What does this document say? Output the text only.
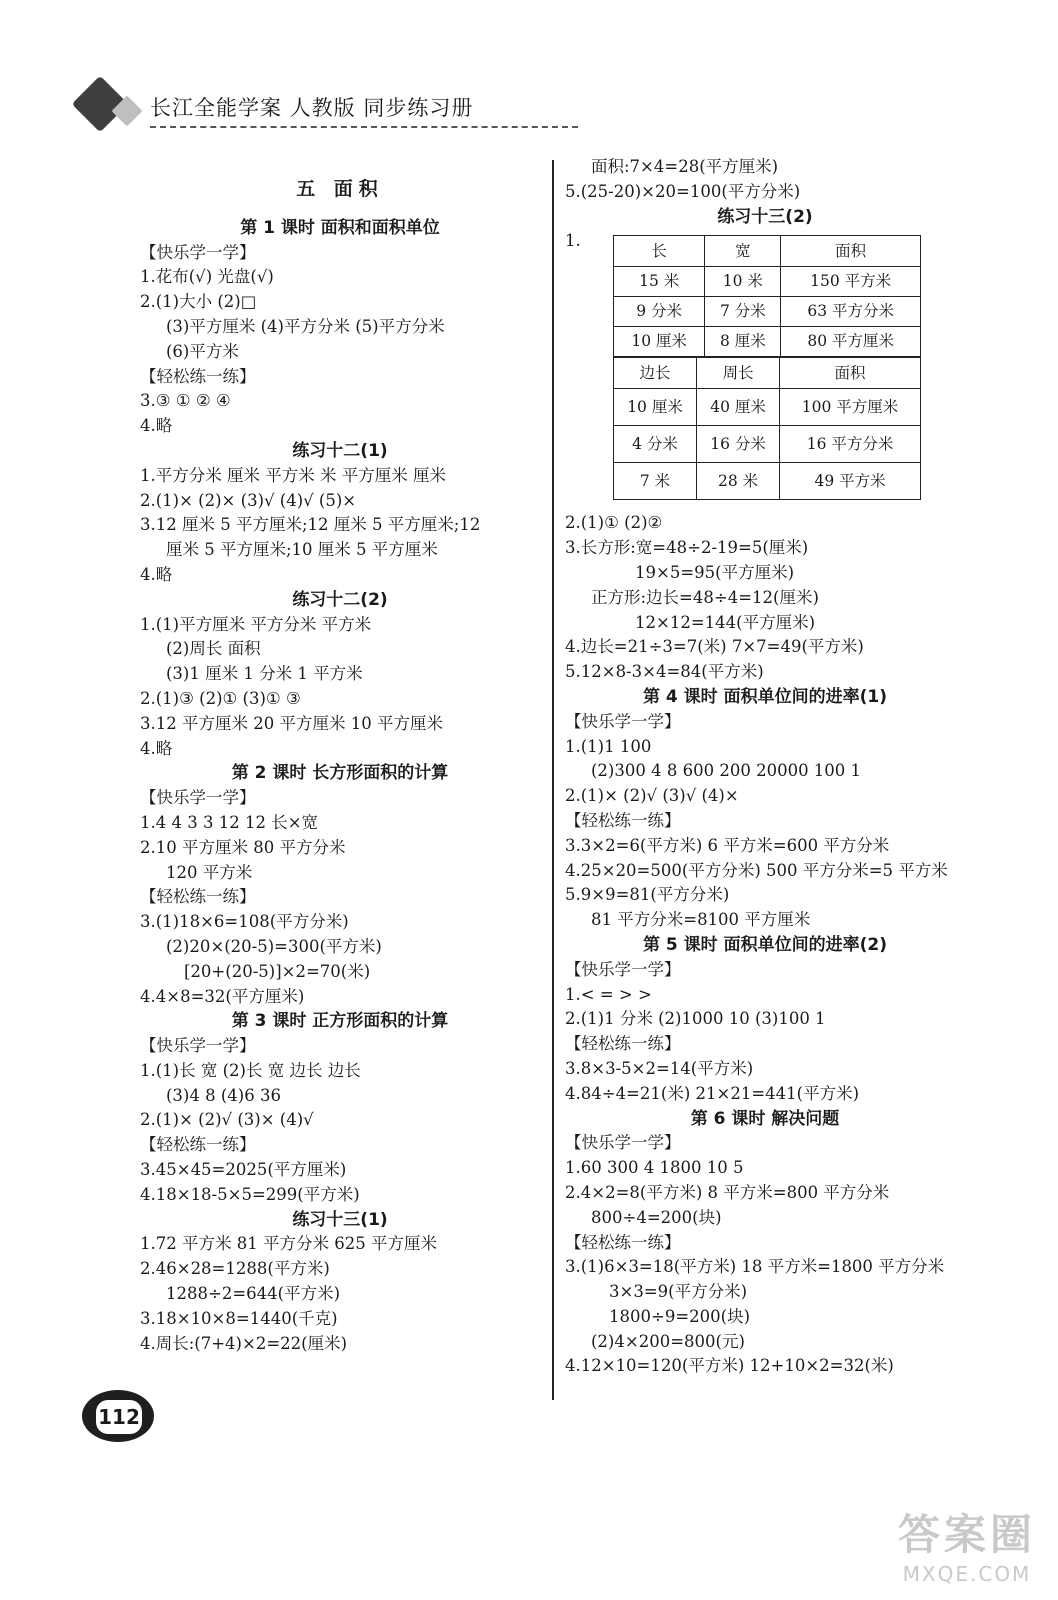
长江全能学案 人教版 同步练习册
五 面积
第 1 课时 面积和面积单位
【快乐学一学】
1.花布(√) 光盘(√)
2.(1)大小 (2)□
(3)平方厘米 (4)平方分米 (5)平方分米
(6)平方米
【轻松练一练】
3.③ ① ② ④
4.略
练习十二(1)
1.平方分米 厘米 平方米 米 平方厘米 厘米
2.(1)× (2)× (3)√ (4)√ (5)×
3.12 厘米 5 平方厘米;12 厘米 5 平方厘米;12
厘米 5 平方厘米;10 厘米 5 平方厘米
4.略
练习十二(2)
1.(1)平方厘米 平方分米 平方米
(2)周长 面积
(3)1 厘米 1 分米 1 平方米
2.(1)③ (2)① (3)① ③
3.12 平方厘米 20 平方厘米 10 平方厘米
4.略
第 2 课时 长方形面积的计算
【快乐学一学】
1.4 4 3 3 12 12 长×宽
2.10 平方厘米 80 平方分米
120 平方米
【轻松练一练】
3.(1)18×6=108(平方分米)
(2)20×(20-5)=300(平方米)
[20+(20-5)]×2=70(米)
4.4×8=32(平方厘米)
第 3 课时 正方形面积的计算
【快乐学一学】
1.(1)长 宽 (2)长 宽 边长 边长
(3)4 8 (4)6 36
2.(1)× (2)√ (3)× (4)√
【轻松练一练】
3.45×45=2025(平方厘米)
4.18×18-5×5=299(平方米)
练习十三(1)
1.72 平方米 81 平方分米 625 平方厘米
2.46×28=1288(平方米)
1288÷2=644(平方米)
3.18×10×8=1440(千克)
4.周长:(7+4)×2=22(厘米)
面积:7×4=28(平方厘米)
5.(25-20)×20=100(平方分米)
练习十三(2)
1.
长	宽	面积
15 米	10 米	150 平方米
9 分米	7 分米	63 平方分米
10 厘米	8 厘米	80 平方厘米
边长	周长	面积
10 厘米	40 厘米	100 平方厘米
4 分米	16 分米	16 平方分米
7 米	28 米	49 平方米
2.(1)① (2)②
3.长方形:宽=48÷2-19=5(厘米)
19×5=95(平方厘米)
正方形:边长=48÷4=12(厘米)
12×12=144(平方厘米)
4.边长=21÷3=7(米) 7×7=49(平方米)
5.12×8-3×4=84(平方米)
第 4 课时 面积单位间的进率(1)
【快乐学一学】
1.(1)1 100
(2)300 4 8 600 200 20000 100 1
2.(1)× (2)√ (3)√ (4)×
【轻松练一练】
3.3×2=6(平方米) 6 平方米=600 平方分米
4.25×20=500(平方分米) 500 平方分米=5 平方米
5.9×9=81(平方分米)
81 平方分米=8100 平方厘米
第 5 课时 面积单位间的进率(2)
【快乐学一学】
1.< = > >
2.(1)1 分米 (2)1000 10 (3)100 1
【轻松练一练】
3.8×3-5×2=14(平方米)
4.84÷4=21(米) 21×21=441(平方米)
第 6 课时 解决问题
【快乐学一学】
1.60 300 4 1800 10 5
2.4×2=8(平方米) 8 平方米=800 平方分米
800÷4=200(块)
【轻松练一练】
3.(1)6×3=18(平方米) 18 平方米=1800 平方分米
3×3=9(平方分米)
1800÷9=200(块)
(2)4×200=800(元)
4.12×10=120(平方米) 12+10×2=32(米)
112
答案圈
MXQE.COM
